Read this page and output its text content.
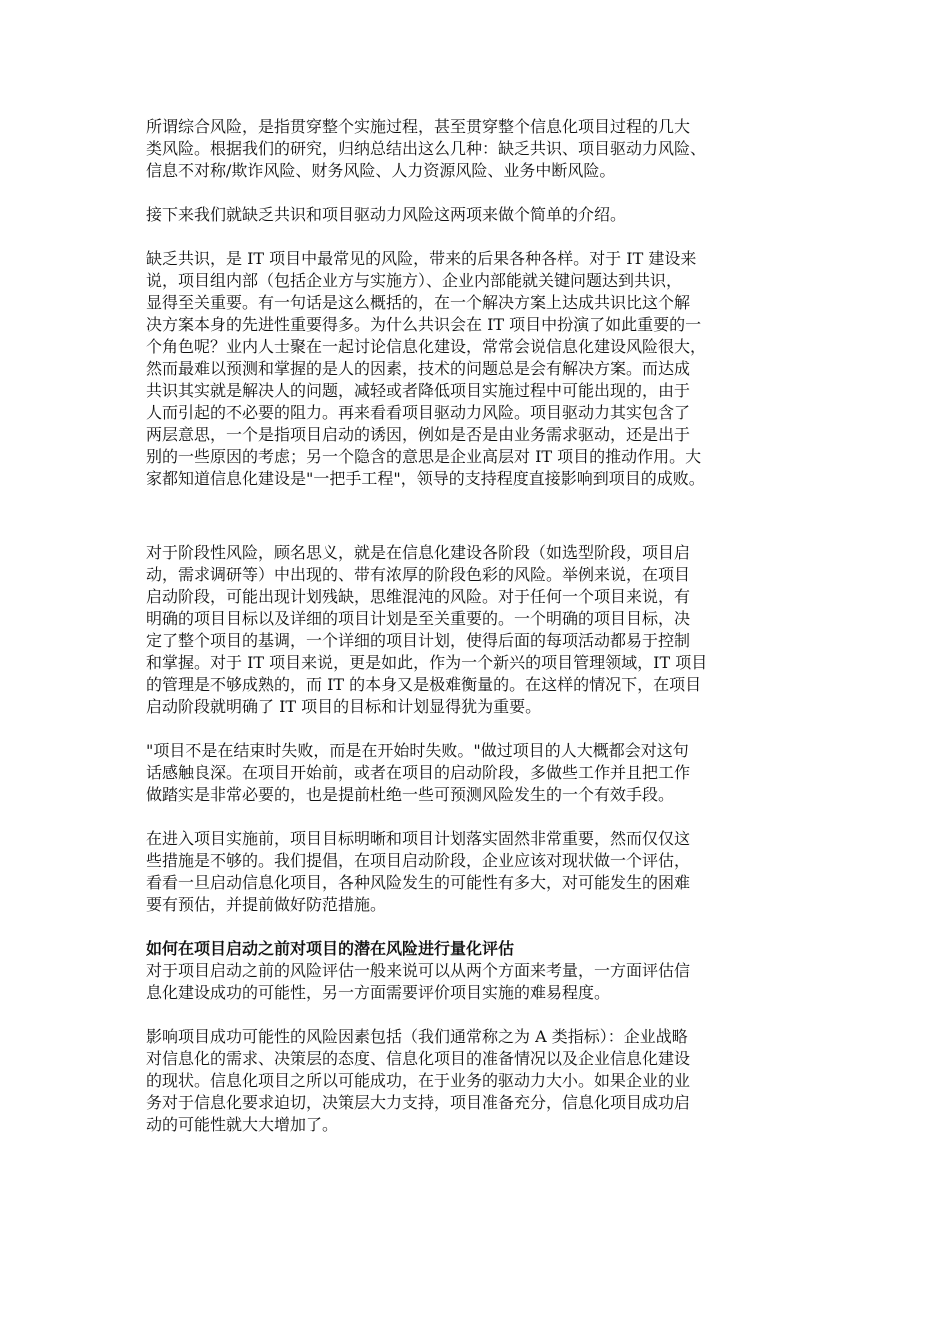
所谓综合风险，是指贯穿整个实施过程，甚至贯穿整个信息化项目过程的几大
类风险。根据我们的研究，归纳总结出这么几种：缺乏共识、项目驱动力风险、
信息不对称/欺诈风险、财务风险、人力资源风险、业务中断风险。
接下来我们就缺乏共识和项目驱动力风险这两项来做个简单的介绍。
缺乏共识，是 IT 项目中最常见的风险，带来的后果各种各样。对于 IT 建设来
说，项目组内部（包括企业方与实施方）、企业内部能就关键问题达到共识，
显得至关重要。有一句话是这么概括的，在一个解决方案上达成共识比这个解
决方案本身的先进性重要得多。为什么共识会在 IT 项目中扮演了如此重要的一
个角色呢？业内人士聚在一起讨论信息化建设，常常会说信息化建设风险很大，
然而最难以预测和掌握的是人的因素，技术的问题总是会有解决方案。而达成
共识其实就是解决人的问题，减轻或者降低项目实施过程中可能出现的，由于
人而引起的不必要的阻力。再来看看项目驱动力风险。项目驱动力其实包含了
两层意思，一个是指项目启动的诱因，例如是否是由业务需求驱动，还是出于
别的一些原因的考虑；另一个隐含的意思是企业高层对 IT 项目的推动作用。大
家都知道信息化建设是"一把手工程"，领导的支持程度直接影响到项目的成败。
对于阶段性风险，顾名思义，就是在信息化建设各阶段（如选型阶段，项目启
动，需求调研等）中出现的、带有浓厚的阶段色彩的风险。举例来说，在项目
启动阶段，可能出现计划残缺，思维混沌的风险。对于任何一个项目来说，有
明确的项目目标以及详细的项目计划是至关重要的。一个明确的项目目标，决
定了整个项目的基调，一个详细的项目计划，使得后面的每项活动都易于控制
和掌握。对于 IT 项目来说，更是如此，作为一个新兴的项目管理领域，IT 项目
的管理是不够成熟的，而 IT 的本身又是极难衡量的。在这样的情况下，在项目
启动阶段就明确了 IT 项目的目标和计划显得犹为重要。
"项目不是在结束时失败，而是在开始时失败。"做过项目的人大概都会对这句
话感触良深。在项目开始前，或者在项目的启动阶段，多做些工作并且把工作
做踏实是非常必要的，也是提前杜绝一些可预测风险发生的一个有效手段。
在进入项目实施前，项目目标明晰和项目计划落实固然非常重要，然而仅仅这
些措施是不够的。我们提倡，在项目启动阶段，企业应该对现状做一个评估，
看看一旦启动信息化项目，各种风险发生的可能性有多大，对可能发生的困难
要有预估，并提前做好防范措施。
如何在项目启动之前对项目的潜在风险进行量化评估
对于项目启动之前的风险评估一般来说可以从两个方面来考量，一方面评估信
息化建设成功的可能性，另一方面需要评价项目实施的难易程度。
影响项目成功可能性的风险因素包括（我们通常称之为 A 类指标）：企业战略
对信息化的需求、决策层的态度、信息化项目的准备情况以及企业信息化建设
的现状。信息化项目之所以可能成功，在于业务的驱动力大小。如果企业的业
务对于信息化要求迫切，决策层大力支持，项目准备充分，信息化项目成功启
动的可能性就大大增加了。
